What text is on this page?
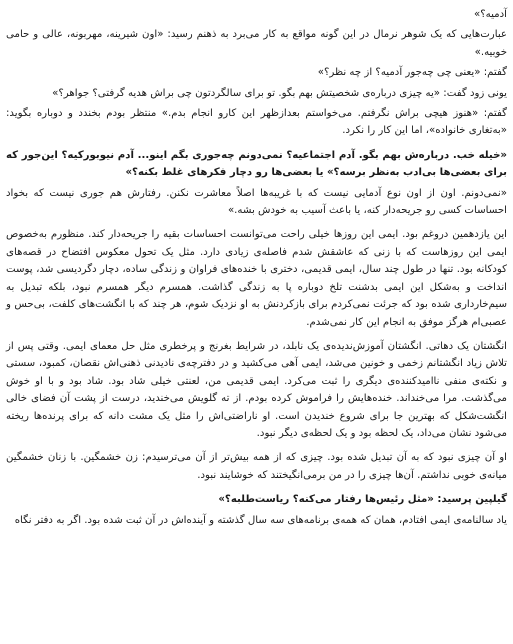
آدمیه؟»

عبارت‌هایی که یک شوهر نرمال در این گونه مواقع به کار می‌برد به ذهنم رسید: «اون شیرینه، مهربونه، عالی و حامی خوبیه.»

گفتم: «یعنی چی چه‌جور آدمیه؟ از چه نظر؟»

یونی زود گفت: «یه چیزی درباره‌ی شخصیتش بهم بگو. تو برای سالگردتون چی براش هدیه گرفتی؟ جواهر؟»

گفتم: «هنوز هیچی براش نگرفتم. می‌خواستم بعدازظهر این کارو انجام بدم.» منتظر بودم بخندد و دوباره بگوید: «به‌تغاری خانواده»، اما این کار را نکرد.

«خیله خب. درباره‌ش بهم بگو. آدم اجتماعیه؟ نمی‌دونم چه‌جوری بگم اینو... آدم نیوبورکیه؟ این‌جور که برای بعضی‌ها بی‌ادب به‌نظر برسه؟» یا بعضی‌ها رو دچار فکرهای غلط بکنه؟»

«نمی‌دونم. اون از اون نوع آدمایی نیست که با غریبه‌ها اصلاً معاشرت نکنن. رفتارش هم جوری نیست که بخواد احساسات کسی رو جریحه‌دار کنه، یا باعث آسیب به خودش بشه.»

این یازدهمین دروغم بود. ایمی این روزها خیلی راحت می‌توانست احساسات بقیه را جریحه‌دار کند. منظورم به‌خصوص ایمی این روزهاست که با زنی که عاشقش شدم فاصله‌ی زیادی دارد. مثل یک تحول معکوس افتضاح در قصه‌های کودکانه بود. تنها در طول چند سال، ایمی قدیمی، دختری با خنده‌های فراوان و زندگی ساده، دچار دگردیسی شد، پوست انداخت و به‌شکل این ایمی بدشنت تلخ دوباره پا به زندگی گذاشت. همسرم دیگر همسرم نبود، بلکه تبدیل به سیم‌خارداری شده بود که جرئت نمی‌کردم برای بازکردنش به او نزدیک شوم، هر چند که با انگشت‌های کلفت، بی‌حس و عصبی‌ام هرگز موفق به انجام این کار نمی‌شدم.

انگشتان یک دهاتی. انگشتان آموزش‌ندیده‌ی یک نابلد، در شرایط بغرنج و پرخطری مثل حل معمای ایمی. وقتی پس از تلاش زیاد انگشتانم زخمی و خونین می‌شد، ایمی آهی می‌کشید و در دفترچه‌ی نادیدنی ذهنی‌اش نقصان، کمبود، سستی و نکته‌ی منفی ناامیدکننده‌ی دیگری را ثبت می‌کرد. ایمی قدیمی من، لعنتی خیلی شاد بود. شاد بود و با او خوش می‌گذشت. مرا می‌خنداند. خنده‌هایش را فراموش کرده بودم. از ته گلویش می‌خندید، درست از پشت آن فضای خالی انگشت‌شکل که بهترین جا برای شروع خندیدن است. او ناراضتی‌اش را مثل یک مشت دانه که برای پرنده‌ها ریخته می‌شود نشان می‌داد، یک لحظه بود و یک لحظه‌ی دیگر نبود.

او آن چیزی نبود که به آن تبدیل شده بود. چیزی که از همه بیش‌تر از آن می‌ترسیدم: زن خشمگین. با زنان خشمگین میانه‌ی خوبی نداشتم. آن‌ها چیزی را در من برمی‌انگیختند که خوشایند نبود.

گیلپین پرسید: «مثل رئیس‌ها رفتار می‌کنه؟ ریاست‌طلبه؟»

یاد سالنامه‌ی ایمی افتادم، همان که همه‌ی برنامه‌های سه سال گذشته و آینده‌اش در آن ثبت شده بود. اگر به دفتر نگاه
